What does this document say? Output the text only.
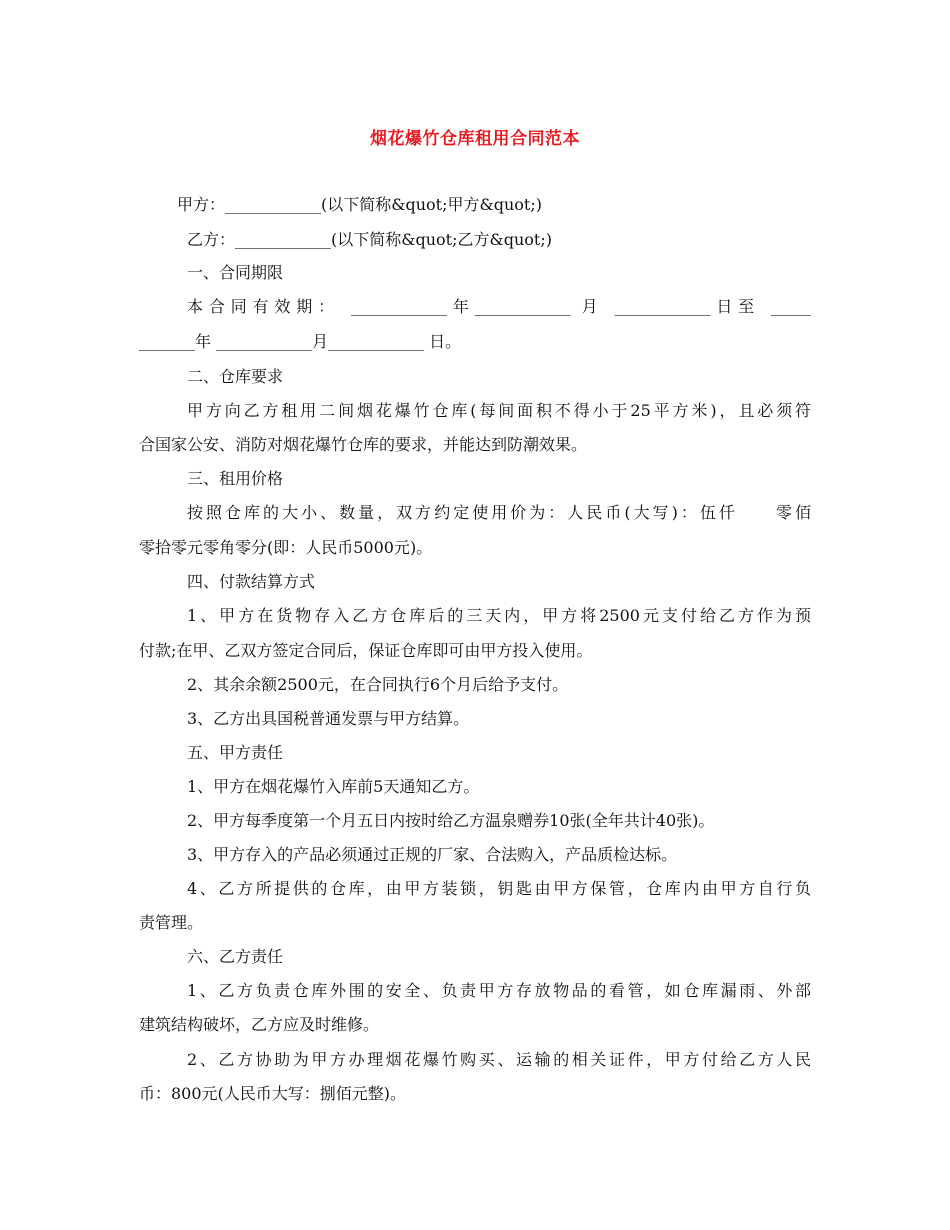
烟花爆竹仓库租用合同范本
甲方：____________(以下简称&quot;甲方&quot;)
乙方：____________(以下简称&quot;乙方&quot;)
一、合同期限
本合同有效期： ____________年____________ 月 ____________日至 _____
_______年 ____________月____________ 日。
二、仓库要求
甲方向乙方租用二间烟花爆竹仓库(每间面积不得小于25平方米)，且必须符
合国家公安、消防对烟花爆竹仓库的要求，并能达到防潮效果。
三、租用价格
按照仓库的大小、数量，双方约定使用价为：人民币(大写)：伍仟　　零佰
零拾零元零角零分(即：人民币5000元)。
四、付款结算方式
1、甲方在货物存入乙方仓库后的三天内，甲方将2500元支付给乙方作为预
付款;在甲、乙双方签定合同后，保证仓库即可由甲方投入使用。
2、其余余额2500元，在合同执行6个月后给予支付。
3、乙方出具国税普通发票与甲方结算。
五、甲方责任
1、甲方在烟花爆竹入库前5天通知乙方。
2、甲方每季度第一个月五日内按时给乙方温泉赠券10张(全年共计40张)。
3、甲方存入的产品必须通过正规的厂家、合法购入，产品质检达标。
4、乙方所提供的仓库，由甲方装锁，钥匙由甲方保管，仓库内由甲方自行负
责管理。
六、乙方责任
1、乙方负责仓库外围的安全、负责甲方存放物品的看管，如仓库漏雨、外部
建筑结构破坏，乙方应及时维修。
2、乙方协助为甲方办理烟花爆竹购买、运输的相关证件，甲方付给乙方人民
币：800元(人民币大写：捌佰元整)。
